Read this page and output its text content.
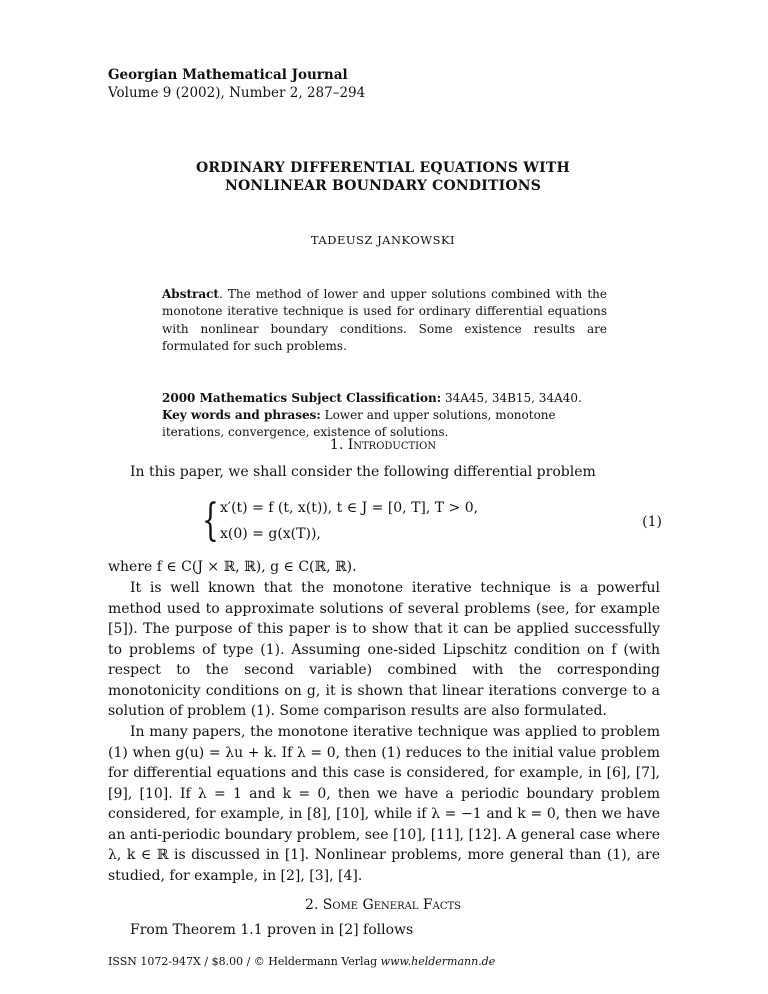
Georgian Mathematical Journal
Volume 9 (2002), Number 2, 287–294
ORDINARY DIFFERENTIAL EQUATIONS WITH
NONLINEAR BOUNDARY CONDITIONS
TADEUSZ JANKOWSKI
Abstract. The method of lower and upper solutions combined with the monotone iterative technique is used for ordinary differential equations with nonlinear boundary conditions. Some existence results are formulated for such problems.
2000 Mathematics Subject Classification: 34A45, 34B15, 34A40.
Key words and phrases: Lower and upper solutions, monotone iterations, convergence, existence of solutions.
1. Introduction
In this paper, we shall consider the following differential problem
{ x′(t) = f (t, x(t)), t ∈ J = [0, T], T > 0,
x(0) = g(x(T)),
(1)
where f ∈ C(J × ℝ, ℝ), g ∈ C(ℝ, ℝ).
It is well known that the monotone iterative technique is a powerful method used to approximate solutions of several problems (see, for example [5]). The purpose of this paper is to show that it can be applied successfully to problems of type (1). Assuming one-sided Lipschitz condition on f (with respect to the second variable) combined with the corresponding monotonicity conditions on g, it is shown that linear iterations converge to a solution of problem (1). Some comparison results are also formulated.
In many papers, the monotone iterative technique was applied to problem (1) when g(u) = λu + k. If λ = 0, then (1) reduces to the initial value problem for differential equations and this case is considered, for example, in [6], [7], [9], [10]. If λ = 1 and k = 0, then we have a periodic boundary problem considered, for example, in [8], [10], while if λ = −1 and k = 0, then we have an anti-periodic boundary problem, see [10], [11], [12]. A general case where λ, k ∈ ℝ is discussed in [1]. Nonlinear problems, more general than (1), are studied, for example, in [2], [3], [4].
2. Some General Facts
From Theorem 1.1 proven in [2] follows
ISSN 1072-947X / $8.00 / © Heldermann Verlag www.heldermann.de
